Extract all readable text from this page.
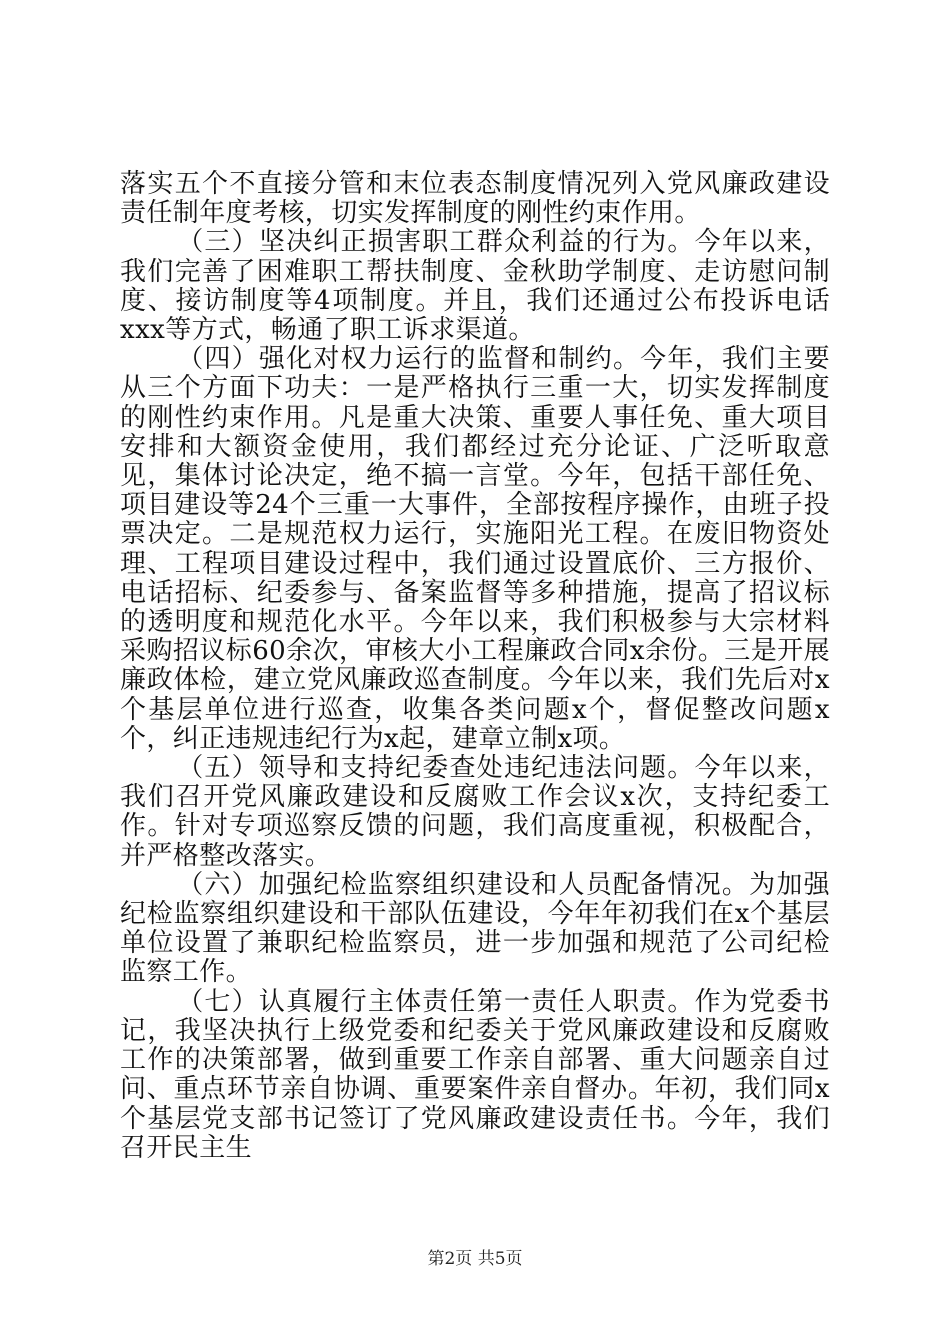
落实五个不直接分管和末位表态制度情况列入党风廉政建设责任制年度考核，切实发挥制度的刚性约束作用。

（三）坚决纠正损害职工群众利益的行为。今年以来，我们完善了困难职工帮扶制度、金秋助学制度、走访慰问制度、接访制度等4项制度。并且，我们还通过公布投诉电话xxx等方式，畅通了职工诉求渠道。

（四）强化对权力运行的监督和制约。今年，我们主要从三个方面下功夫：一是严格执行三重一大，切实发挥制度的刚性约束作用。凡是重大决策、重要人事任免、重大项目安排和大额资金使用，我们都经过充分论证、广泛听取意见，集体讨论决定，绝不搞一言堂。今年，包括干部任免、项目建设等24个三重一大事件，全部按程序操作，由班子投票决定。二是规范权力运行，实施阳光工程。在废旧物资处理、工程项目建设过程中，我们通过设置底价、三方报价、电话招标、纪委参与、备案监督等多种措施，提高了招议标的透明度和规范化水平。今年以来，我们积极参与大宗材料采购招议标60余次，审核大小工程廉政合同x余份。三是开展廉政体检，建立党风廉政巡查制度。今年以来，我们先后对x个基层单位进行巡查，收集各类问题x个，督促整改问题x个，纠正违规违纪行为x起，建章立制x项。

（五）领导和支持纪委查处违纪违法问题。今年以来，我们召开党风廉政建设和反腐败工作会议x次，支持纪委工作。针对专项巡察反馈的问题，我们高度重视，积极配合，并严格整改落实。

（六）加强纪检监察组织建设和人员配备情况。为加强纪检监察组织建设和干部队伍建设，今年年初我们在x个基层单位设置了兼职纪检监察员，进一步加强和规范了公司纪检监察工作。

（七）认真履行主体责任第一责任人职责。作为党委书记，我坚决执行上级党委和纪委关于党风廉政建设和反腐败工作的决策部署，做到重要工作亲自部署、重大问题亲自过问、重点环节亲自协调、重要案件亲自督办。年初，我们同x个基层党支部书记签订了党风廉政建设责任书。今年，我们召开民主生

第2页 共5页
